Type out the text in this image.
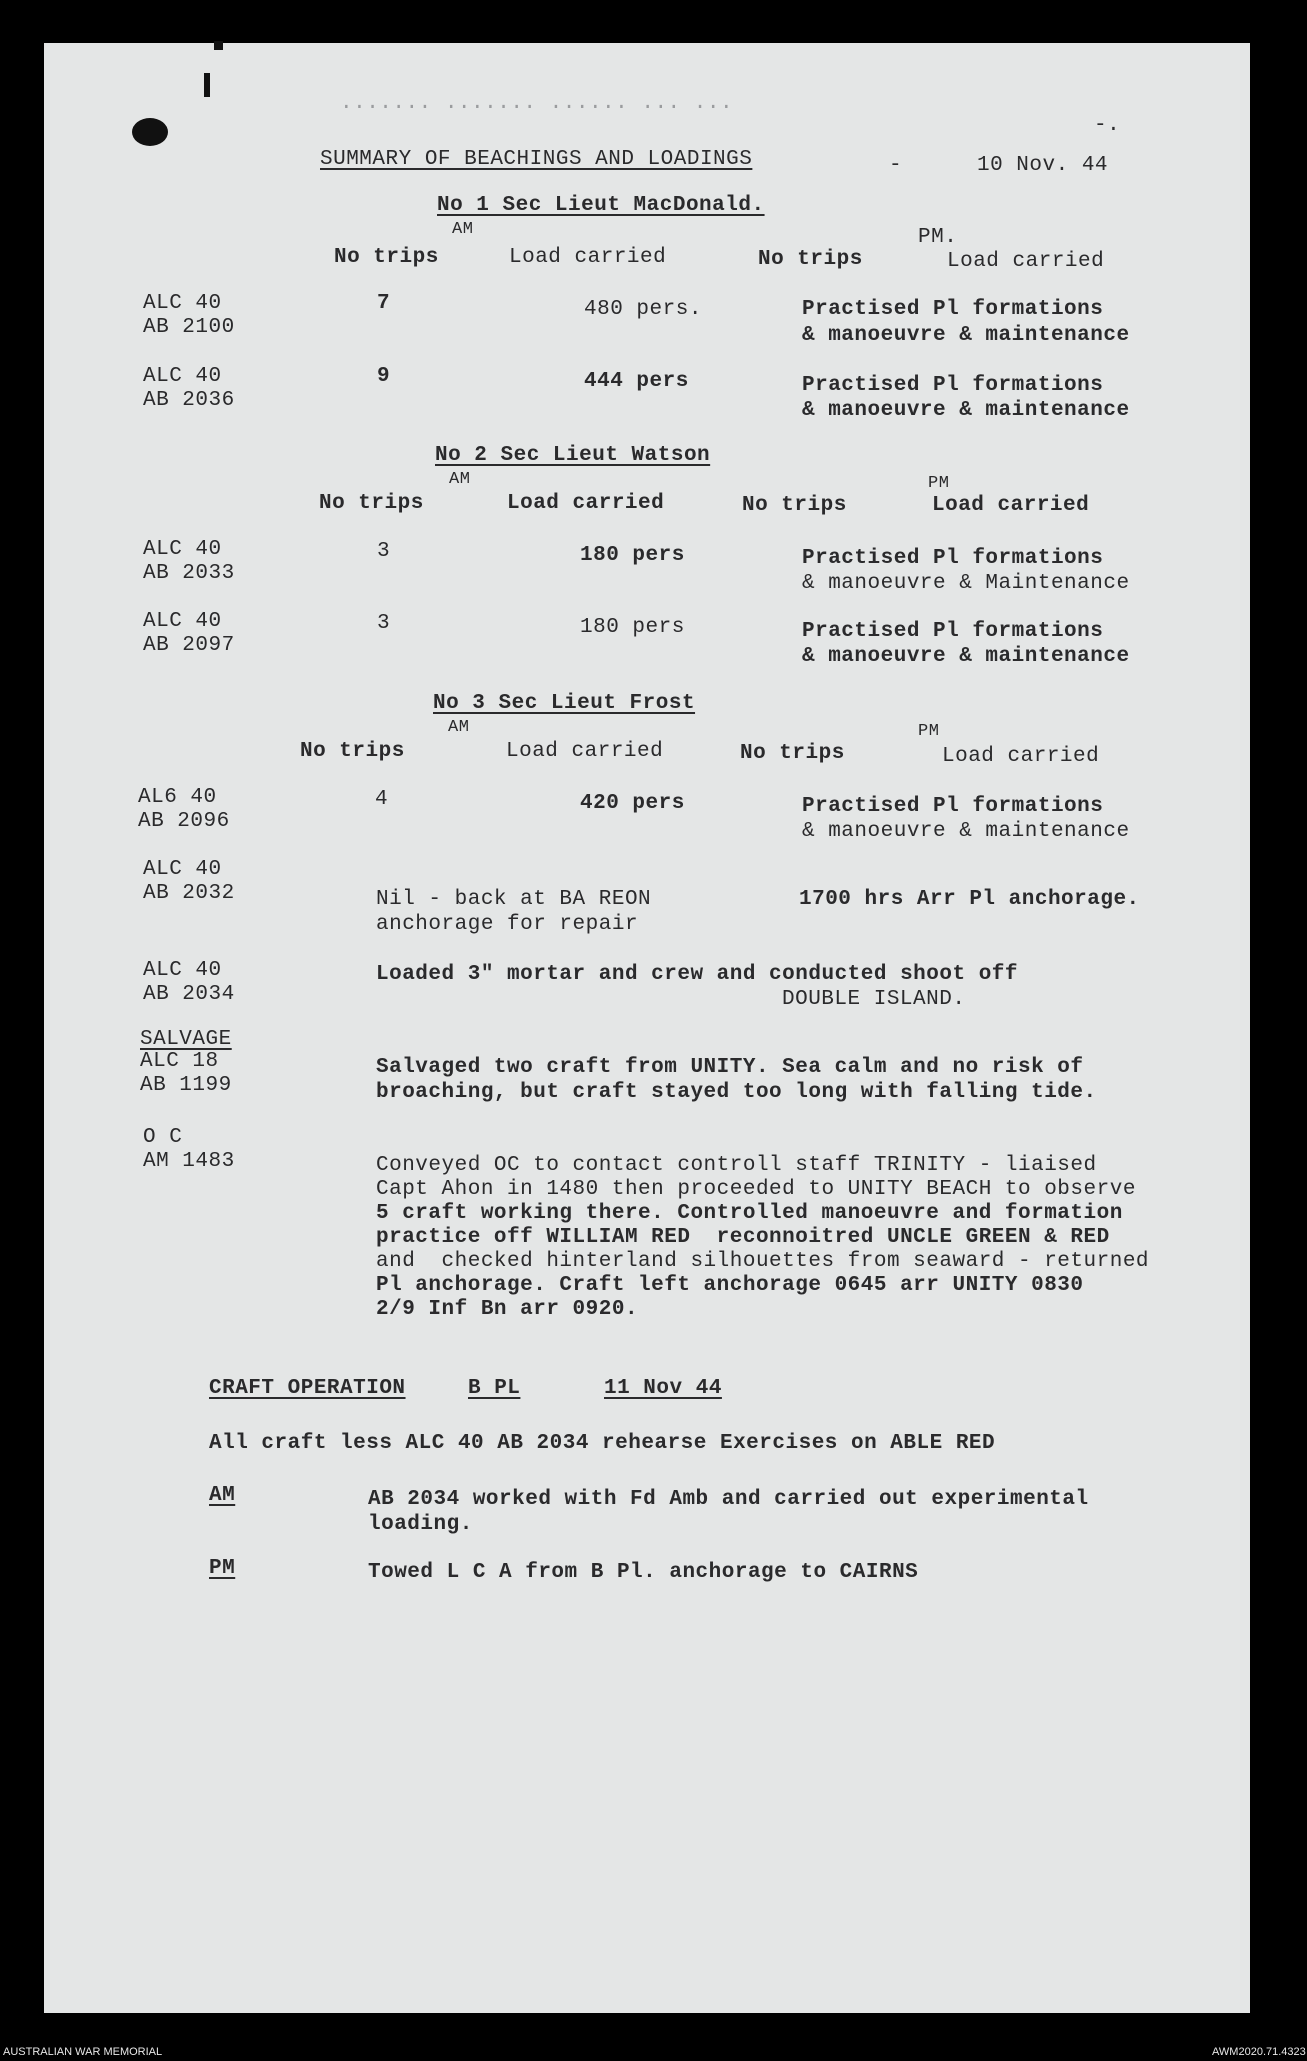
....... ....... ...... ... ...
-.
SUMMARY OF BEACHINGS AND LOADINGS	-	10 Nov. 44
No 1 Sec Lieut MacDonald.
AM	PM.
No trips	Load carried	No trips	Load carried
ALC 40
AB 2100
7	480 pers.	Practised Pl formations
& manoeuvre & maintenance
ALC 40
AB 2036
9	444 pers	Practised Pl formations
& manoeuvre & maintenance
No 2 Sec Lieut Watson
AM	PM
No trips	Load carried	No trips	Load carried
ALC 40
AB 2033
3	180 pers	Practised Pl formations
& manoeuvre & Maintenance
ALC 40
AB 2097
3	180 pers	Practised Pl formations
& manoeuvre & maintenance
No 3 Sec Lieut Frost
AM	PM
No trips	Load carried	No trips	Load carried
AL6 40
AB 2096
4	420 pers	Practised Pl formations
& manoeuvre & maintenance
ALC 40
AB 2032	Nil - back at BA REON
anchorage for repair
1700 hrs Arr Pl anchorage.
ALC 40
AB 2034
Loaded 3" mortar and crew and conducted shoot off
DOUBLE ISLAND.
SALVAGE
ALC 18
AB 1199
Salvaged two craft from UNITY. Sea calm and no risk of
broaching, but craft stayed too long with falling tide.
O C
AM 1483	Conveyed OC to contact controll staff TRINITY - liaised
Capt Ahon in 1480 then proceeded to UNITY BEACH to observe
5 craft working there. Controlled manoeuvre and formation
practice off WILLIAM RED  reconnoitred UNCLE GREEN & RED
and  checked hinterland silhouettes from seaward - returned
Pl anchorage. Craft left anchorage 0645 arr UNITY 0830
2/9 Inf Bn arr 0920.
CRAFT OPERATION	B PL	11 Nov 44
All craft less ALC 40 AB 2034 rehearse Exercises on ABLE RED
AM	AB 2034 worked with Fd Amb and carried out experimental
loading.
PM	Towed L C A from B Pl. anchorage to CAIRNS
AUSTRALIAN WAR MEMORIAL	AWM2020.71.4323
